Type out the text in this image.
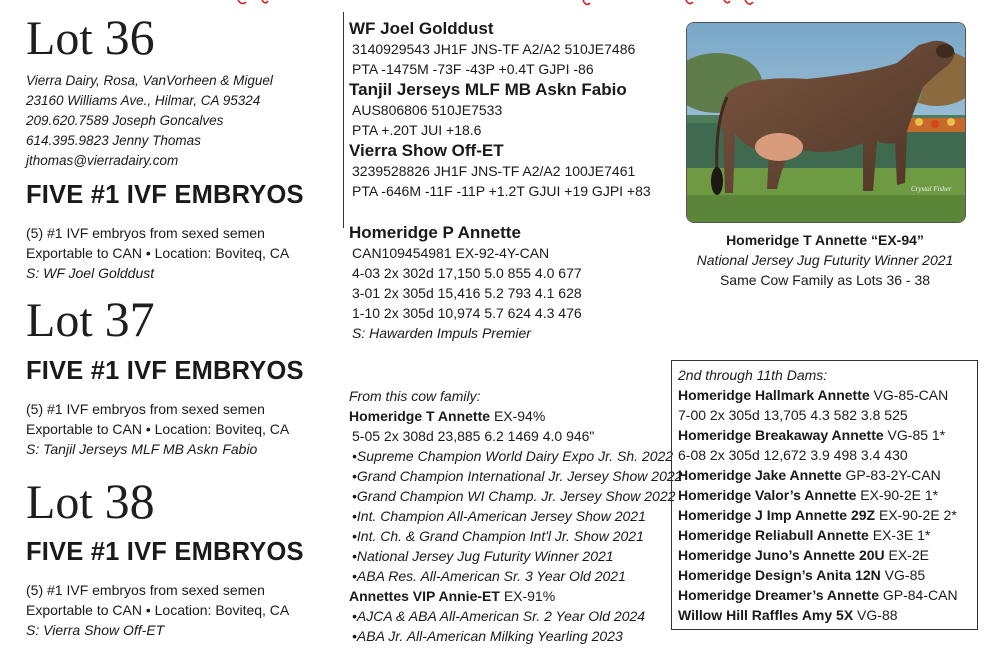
Lot 36
Vierra Dairy, Rosa, VanVorheen & Miguel
23160 Williams Ave., Hilmar, CA 95324
209.620.7589 Joseph Goncalves
614.395.9823 Jenny Thomas
jthomas@vierradairy.com
FIVE #1 IVF EMBRYOS
(5) #1 IVF embryos from sexed semen
Exportable to CAN • Location: Boviteq, CA
S: WF Joel Golddust
Lot 37
FIVE #1 IVF EMBRYOS
(5) #1 IVF embryos from sexed semen
Exportable to CAN • Location: Boviteq, CA
S: Tanjil Jerseys MLF MB Askn Fabio
Lot 38
FIVE #1 IVF EMBRYOS
(5) #1 IVF embryos from sexed semen
Exportable to CAN • Location: Boviteq, CA
S: Vierra Show Off-ET
WF Joel Golddust
3140929543 JH1F JNS-TF A2/A2 510JE7486
PTA -1475M -73F -43P +0.4T GJPI -86
Tanjil Jerseys MLF MB Askn Fabio
AUS806806 510JE7533
PTA +.20T JUI +18.6
Vierra Show Off-ET
3239528826 JH1F JNS-TF A2/A2 100JE7461
PTA -646M -11F -11P +1.2T GJUI +19 GJPI +83
Homeridge P Annette
CAN109454981 EX-92-4Y-CAN
4-03 2x 302d 17,150 5.0 855 4.0 677
3-01 2x 305d 15,416 5.2 793 4.1 628
1-10 2x 305d 10,974 5.7 624 4.3 476
S: Hawarden Impuls Premier
From this cow family:
Homeridge T Annette EX-94%
5-05 2x 308d 23,885 6.2 1469 4.0 946"
•Supreme Champion World Dairy Expo Jr. Sh. 2022
•Grand Champion International Jr. Jersey Show 2022
•Grand Champion WI Champ. Jr. Jersey Show 2022
•Int. Champion All-American Jersey Show 2021
•Int. Ch. & Grand Champion Int'l Jr. Show 2021
•National Jersey Jug Futurity Winner 2021
•ABA Res. All-American Sr. 3 Year Old 2021
Annettes VIP Annie-ET EX-91%
•AJCA & ABA All-American Sr. 2 Year Old 2024
•ABA Jr. All-American Milking Yearling 2023
Crystal Fisher
Homeridge T Annette “EX-94”
National Jersey Jug Futurity Winner 2021
Same Cow Family as Lots 36 - 38
2nd through 11th Dams:
Homeridge Hallmark Annette VG-85-CAN
7-00 2x 305d 13,705 4.3 582 3.8 525
Homeridge Breakaway Annette VG-85 1*
6-08 2x 305d 12,672 3.9 498 3.4 430
Homeridge Jake Annette GP-83-2Y-CAN
Homeridge Valor’s Annette EX-90-2E 1*
Homeridge J Imp Annette 29Z EX-90-2E 2*
Homeridge Reliabull Annette EX-3E 1*
Homeridge Juno’s Annette 20U EX-2E
Homeridge Design’s Anita 12N VG-85
Homeridge Dreamer’s Annette GP-84-CAN
Willow Hill Raffles Amy 5X VG-88
